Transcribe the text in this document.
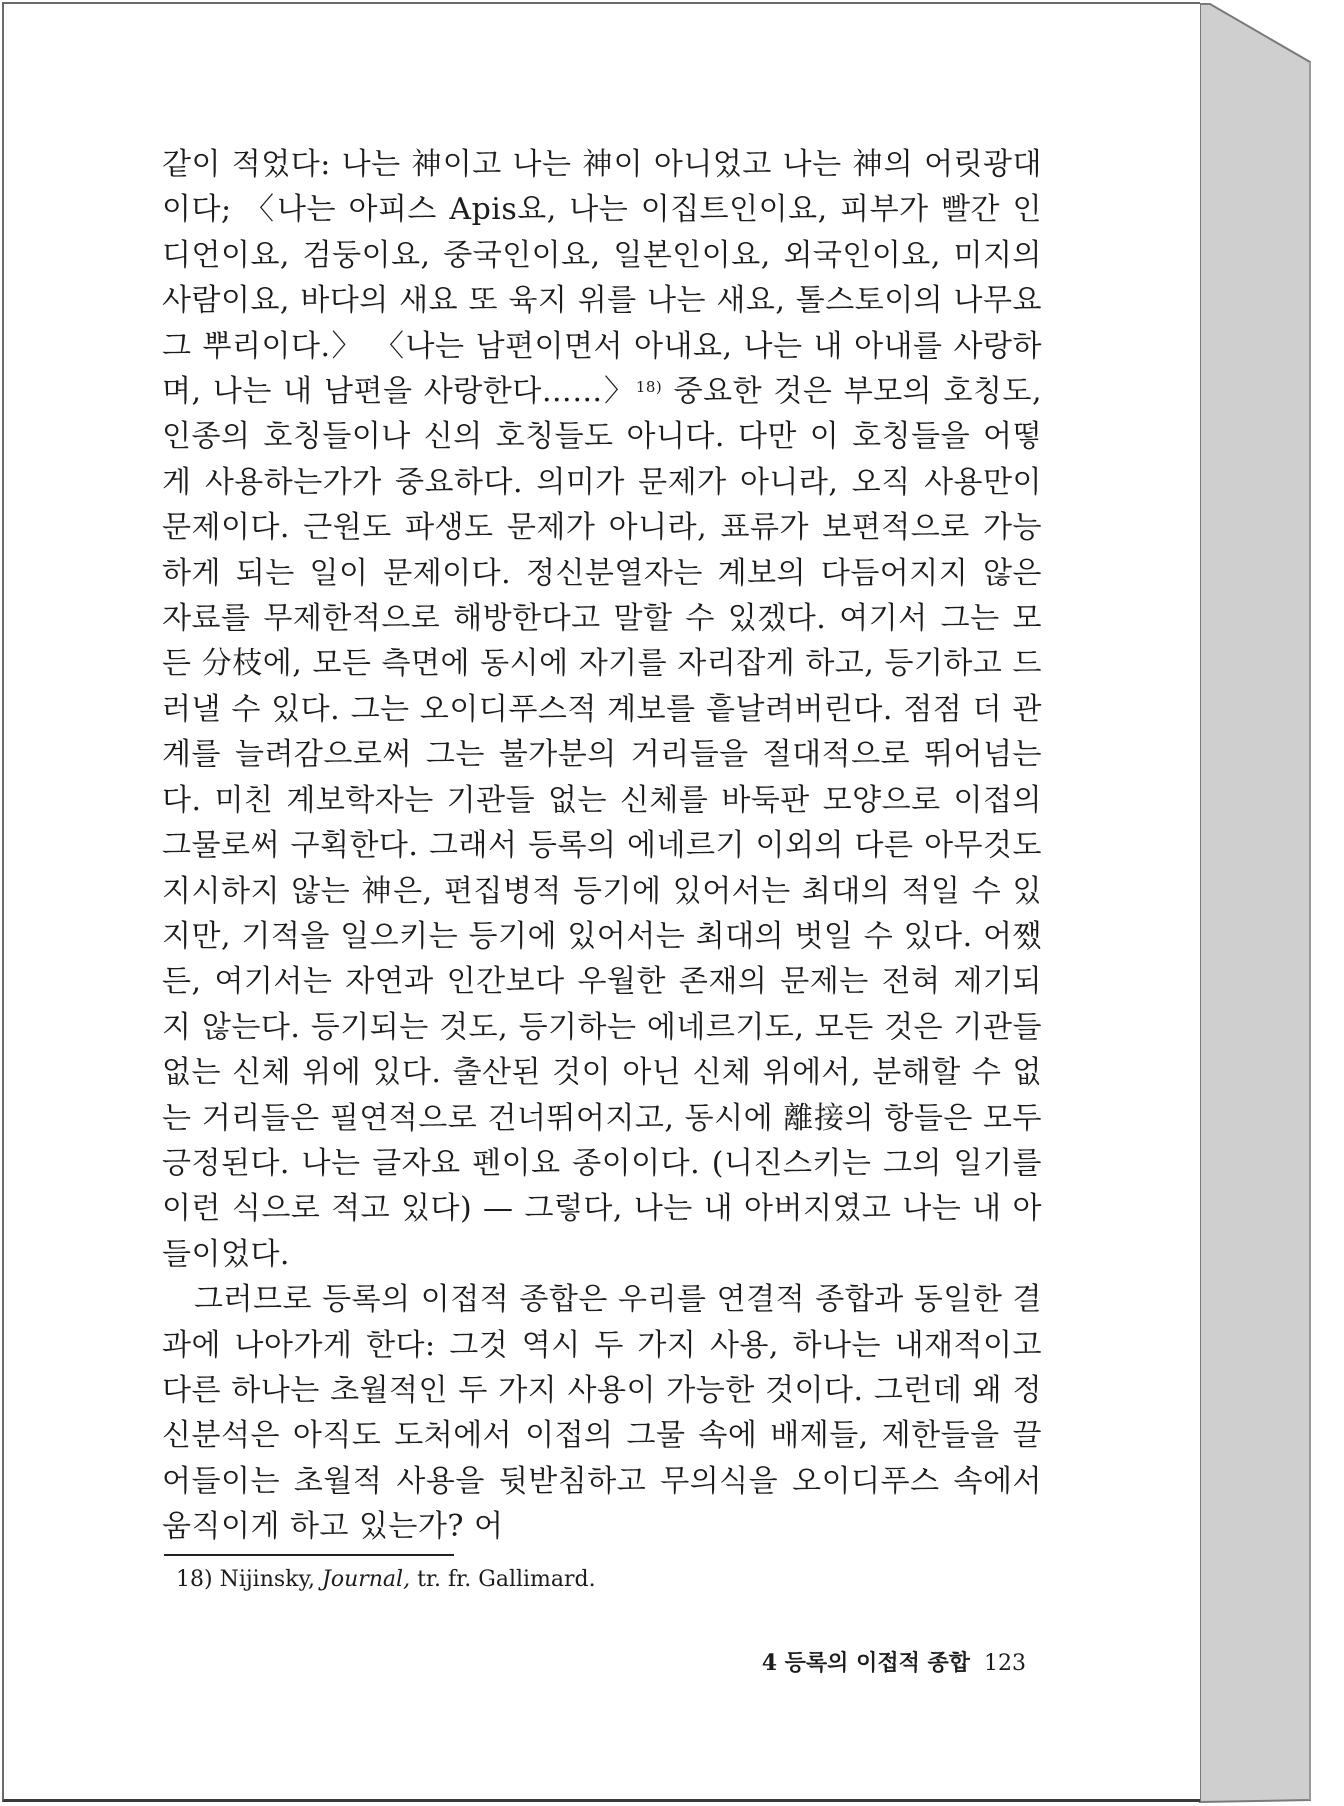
같이 적었다: 나는 神이고 나는 神이 아니었고 나는 神의 어릿광대이다; 〈나는 아피스 Apis요, 나는 이집트인이요, 피부가 빨간 인디언이요, 검둥이요, 중국인이요, 일본인이요, 외국인이요, 미지의 사람이요, 바다의 새요 또 육지 위를 나는 새요, 톨스토이의 나무요 그 뿌리이다.〉 〈나는 남편이면서 아내요, 나는 내 아내를 사랑하며, 나는 내 남편을 사랑한다……〉$^{18)}$ 중요한 것은 부모의 호칭도, 인종의 호칭들이나 신의 호칭들도 아니다. 다만 이 호칭들을 어떻게 사용하는가가 중요하다. 의미가 문제가 아니라, 오직 사용만이 문제이다. 근원도 파생도 문제가 아니라, 표류가 보편적으로 가능하게 되는 일이 문제이다. 정신분열자는 계보의 다듬어지지 않은 자료를 무제한적으로 해방한다고 말할 수 있겠다. 여기서 그는 모든 分枝에, 모든 측면에 동시에 자기를 자리잡게 하고, 등기하고 드러낼 수 있다. 그는 오이디푸스적 계보를 흩날려버린다. 점점 더 관계를 늘려감으로써 그는 불가분의 거리들을 절대적으로 뛰어넘는다. 미친 계보학자는 기관들 없는 신체를 바둑판 모양으로 이접의 그물로써 구획한다. 그래서 등록의 에네르기 이외의 다른 아무것도 지시하지 않는 神은, 편집병적 등기에 있어서는 최대의 적일 수 있지만, 기적을 일으키는 등기에 있어서는 최대의 벗일 수 있다. 어쨌든, 여기서는 자연과 인간보다 우월한 존재의 문제는 전혀 제기되지 않는다. 등기되는 것도, 등기하는 에네르기도, 모든 것은 기관들 없는 신체 위에 있다. 출산된 것이 아닌 신체 위에서, 분해할 수 없는 거리들은 필연적으로 건너뛰어지고, 동시에 離接의 항들은 모두 긍정된다. 나는 글자요 펜이요 종이이다. (니진스키는 그의 일기를 이런 식으로 적고 있다) — 그렇다, 나는 내 아버지였고 나는 내 아들이었다.

그러므로 등록의 이접적 종합은 우리를 연결적 종합과 동일한 결과에 나아가게 한다: 그것 역시 두 가지 사용, 하나는 내재적이고 다른 하나는 초월적인 두 가지 사용이 가능한 것이다. 그런데 왜 정신분석은 아직도 도처에서 이접의 그물 속에 배제들, 제한들을 끌어들이는 초월적 사용을 뒷받침하고 무의식을 오이디푸스 속에서 움직이게 하고 있는가? 어

18) Nijinsky, Journal, tr. fr. Gallimard.
4 등록의 이접적 종합 123
